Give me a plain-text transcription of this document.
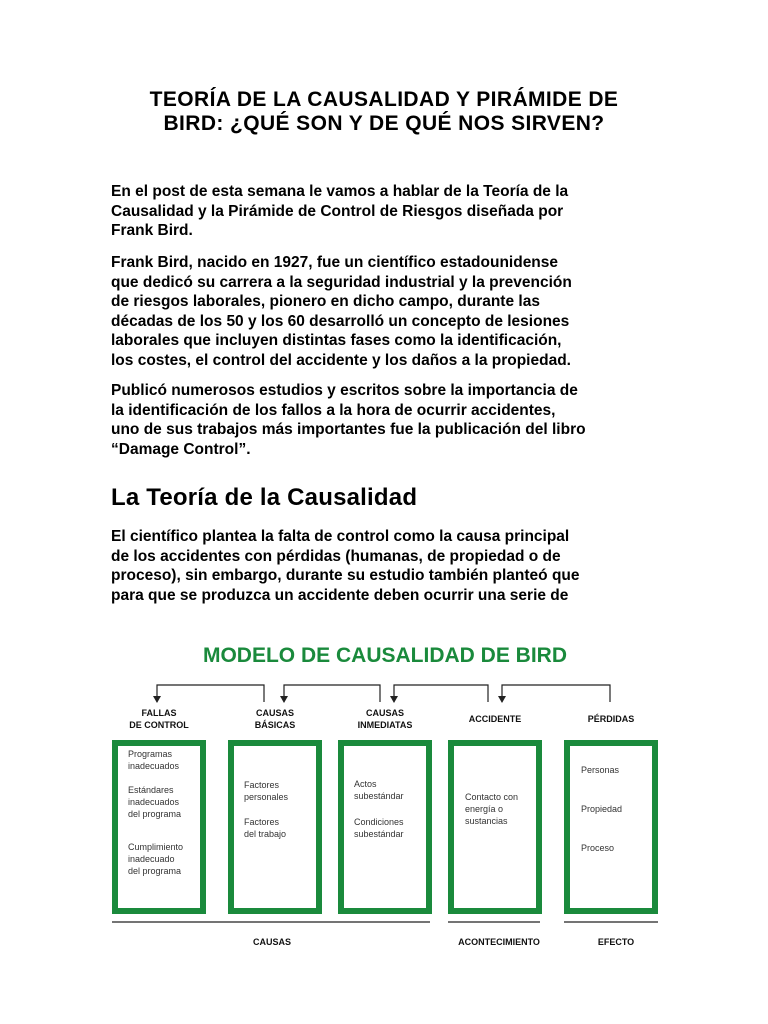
TEORÍA DE LA CAUSALIDAD Y PIRÁMIDE DE
BIRD: ¿QUÉ SON Y DE QUÉ NOS SIRVEN?
En el post de esta semana le vamos a hablar de la Teoría de la
Causalidad y la Pirámide de Control de Riesgos diseñada por
Frank Bird.
Frank Bird, nacido en 1927, fue un científico estadounidense
que dedicó su carrera a la seguridad industrial y la prevención
de riesgos laborales, pionero en dicho campo, durante las
décadas de los 50 y los 60 desarrolló un concepto de lesiones
laborales que incluyen distintas fases como la identificación,
los costes, el control del accidente y los daños a la propiedad.
Publicó numerosos estudios y escritos sobre la importancia de
la identificación de los fallos a la hora de ocurrir accidentes,
uno de sus trabajos más importantes fue la publicación del libro
“Damage Control”.
La Teoría de la Causalidad
El científico plantea la falta de control como la causa principal
de los accidentes con pérdidas (humanas, de propiedad o de
proceso), sin embargo, durante su estudio también planteó que
para que se produzca un accidente deben ocurrir una serie de
MODELO DE CAUSALIDAD DE BIRD
FALLAS
DE CONTROL
Programas
inadecuados
Estándares
inadecuados
del programa
Cumplimiento
inadecuado
del programa
CAUSAS
BÁSICAS
Factores
personales
Factores
del trabajo
CAUSAS
INMEDIATAS
Actos
subestándar
Condiciones
subestándar
ACCIDENTE
Contacto con
energía o
sustancias
PÉRDIDAS
Personas
Propiedad
Proceso
CAUSAS	ACONTECIMIENTO	EFECTO
